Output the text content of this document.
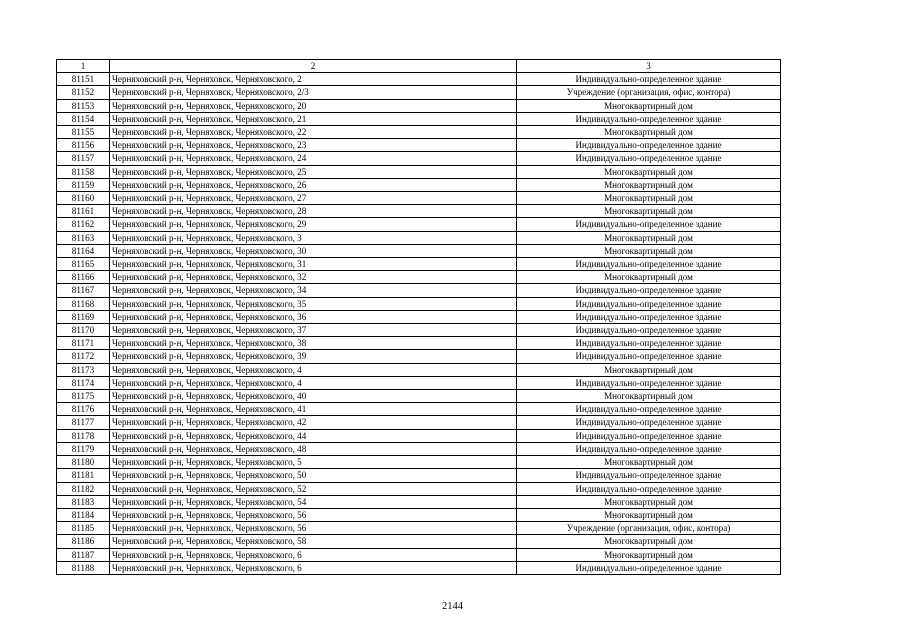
1	2	3
81151	Черняховский р-н, Черняховск, Черняховского, 2	Индивидуально-определенное здание
81152	Черняховский р-н, Черняховск, Черняховского, 2/3	Учреждение (организация, офис, контора)
81153	Черняховский р-н, Черняховск, Черняховского, 20	Многоквартирный дом
81154	Черняховский р-н, Черняховск, Черняховского, 21	Индивидуально-определенное здание
81155	Черняховский р-н, Черняховск, Черняховского, 22	Многоквартирный дом
81156	Черняховский р-н, Черняховск, Черняховского, 23	Индивидуально-определенное здание
81157	Черняховский р-н, Черняховск, Черняховского, 24	Индивидуально-определенное здание
81158	Черняховский р-н, Черняховск, Черняховского, 25	Многоквартирный дом
81159	Черняховский р-н, Черняховск, Черняховского, 26	Многоквартирный дом
81160	Черняховский р-н, Черняховск, Черняховского, 27	Многоквартирный дом
81161	Черняховский р-н, Черняховск, Черняховского, 28	Многоквартирный дом
81162	Черняховский р-н, Черняховск, Черняховского, 29	Индивидуально-определенное здание
81163	Черняховский р-н, Черняховск, Черняховского, 3	Многоквартирный дом
81164	Черняховский р-н, Черняховск, Черняховского, 30	Многоквартирный дом
81165	Черняховский р-н, Черняховск, Черняховского, 31	Индивидуально-определенное здание
81166	Черняховский р-н, Черняховск, Черняховского, 32	Многоквартирный дом
81167	Черняховский р-н, Черняховск, Черняховского, 34	Индивидуально-определенное здание
81168	Черняховский р-н, Черняховск, Черняховского, 35	Индивидуально-определенное здание
81169	Черняховский р-н, Черняховск, Черняховского, 36	Индивидуально-определенное здание
81170	Черняховский р-н, Черняховск, Черняховского, 37	Индивидуально-определенное здание
81171	Черняховский р-н, Черняховск, Черняховского, 38	Индивидуально-определенное здание
81172	Черняховский р-н, Черняховск, Черняховского, 39	Индивидуально-определенное здание
81173	Черняховский р-н, Черняховск, Черняховского, 4	Многоквартирный дом
81174	Черняховский р-н, Черняховск, Черняховского, 4	Индивидуально-определенное здание
81175	Черняховский р-н, Черняховск, Черняховского, 40	Многоквартирный дом
81176	Черняховский р-н, Черняховск, Черняховского, 41	Индивидуально-определенное здание
81177	Черняховский р-н, Черняховск, Черняховского, 42	Индивидуально-определенное здание
81178	Черняховский р-н, Черняховск, Черняховского, 44	Индивидуально-определенное здание
81179	Черняховский р-н, Черняховск, Черняховского, 48	Индивидуально-определенное здание
81180	Черняховский р-н, Черняховск, Черняховского, 5	Многоквартирный дом
81181	Черняховский р-н, Черняховск, Черняховского, 50	Индивидуально-определенное здание
81182	Черняховский р-н, Черняховск, Черняховского, 52	Индивидуально-определенное здание
81183	Черняховский р-н, Черняховск, Черняховского, 54	Многоквартирный дом
81184	Черняховский р-н, Черняховск, Черняховского, 56	Многоквартирный дом
81185	Черняховский р-н, Черняховск, Черняховского, 56	Учреждение (организация, офис, контора)
81186	Черняховский р-н, Черняховск, Черняховского, 58	Многоквартирный дом
81187	Черняховский р-н, Черняховск, Черняховского, 6	Многоквартирный дом
81188	Черняховский р-н, Черняховск, Черняховского, 6	Индивидуально-определенное здание
2144
